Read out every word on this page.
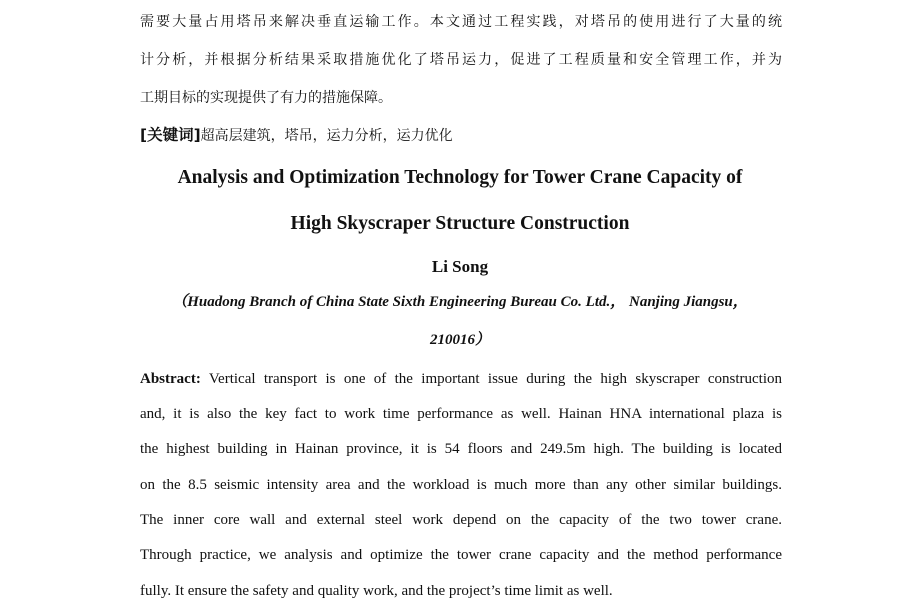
需要大量占用塔吊来解决垂直运输工作。本文通过工程实践，对塔吊的使用进行了大量的统
计分析，并根据分析结果采取措施优化了塔吊运力，促进了工程质量和安全管理工作，并为
工期目标的实现提供了有力的措施保障。
[关键词]超高层建筑，塔吊，运力分析，运力优化
Analysis and Optimization Technology for Tower Crane Capacity of
High Skyscraper Structure Construction
Li Song
（Huadong Branch of China State Sixth Engineering Bureau Co. Ltd.， Nanjing Jiangsu，
210016）
Abstract: Vertical transport is one of the important issue during the high skyscraper construction
and, it is also the key fact to work time performance as well. Hainan HNA international plaza is
the highest building in Hainan province, it is 54 floors and 249.5m high. The building is located
on the 8.5 seismic intensity area and the workload is much more than any other similar buildings.
The inner core wall and external steel work depend on the capacity of the two tower crane.
Through practice, we analysis and optimize the tower crane capacity and the method performance
fully. It ensure the safety and quality work, and the project’s time limit as well.
